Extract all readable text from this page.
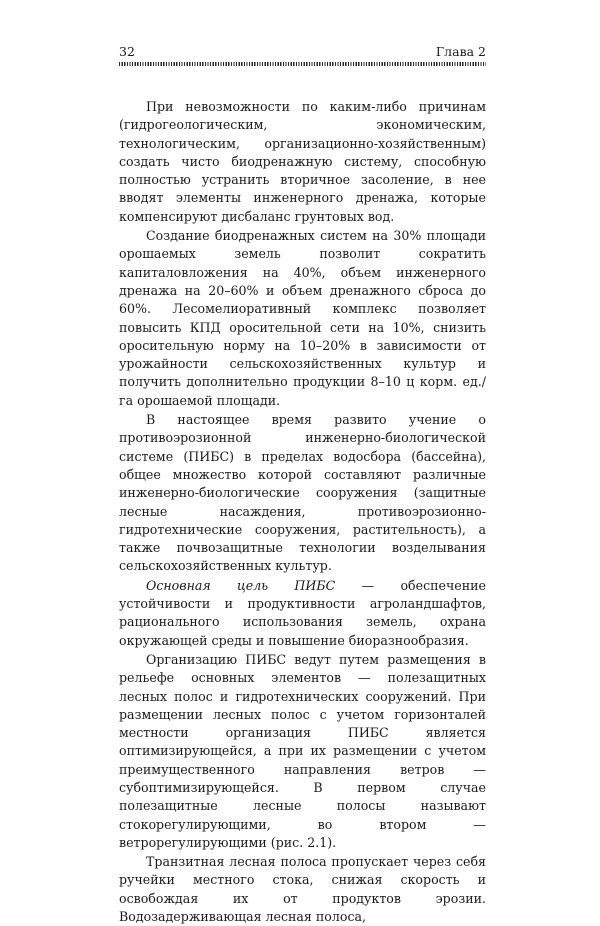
32	Глава 2

При невозможности по каким-либо причинам (гидрогеологическим, экономическим, технологическим, организационно-хозяйственным) создать чисто биодренажную систему, способную полностью устранить вторичное засоление, в нее вводят элементы инженерного дренажа, которые компенсируют дисбаланс грунтовых вод.

Создание биодренажных систем на 30% площади орошаемых земель позволит сократить капиталовложения на 40%, объем инженерного дренажа на 20–60% и объем дренажного сброса до 60%. Лесомелиоративный комплекс позволяет повысить КПД оросительной сети на 10%, снизить оросительную норму на 10–20% в зависимости от урожайности сельскохозяйственных культур и получить дополнительно продукции 8–10 ц корм. ед./га орошаемой площади.

В настоящее время развито учение о противоэрозионной инженерно-биологической системе (ПИБС) в пределах водосбора (бассейна), общее множество которой составляют различные инженерно-биологические сооружения (защитные лесные насаждения, противоэрозионно-гидротехнические сооружения, растительность), а также почвозащитные технологии возделывания сельскохозяйственных культур.

Основная цель ПИБС — обеспечение устойчивости и продуктивности агроландшафтов, рационального использования земель, охрана окружающей среды и повышение биоразнообразия.

Организацию ПИБС ведут путем размещения в рельефе основных элементов — полезащитных лесных полос и гидротехнических сооружений. При размещении лесных полос с учетом горизонталей местности организация ПИБС является оптимизирующейся, а при их размещении с учетом преимущественного направления ветров — субоптимизирующейся. В первом случае полезащитные лесные полосы называют стокорегулирующими, во втором — ветрорегулирующими (рис. 2.1).

Транзитная лесная полоса пропускает через себя ручейки местного стока, снижая скорость и освобождая их от продуктов эрозии. Водозадерживающая лесная полоса,
